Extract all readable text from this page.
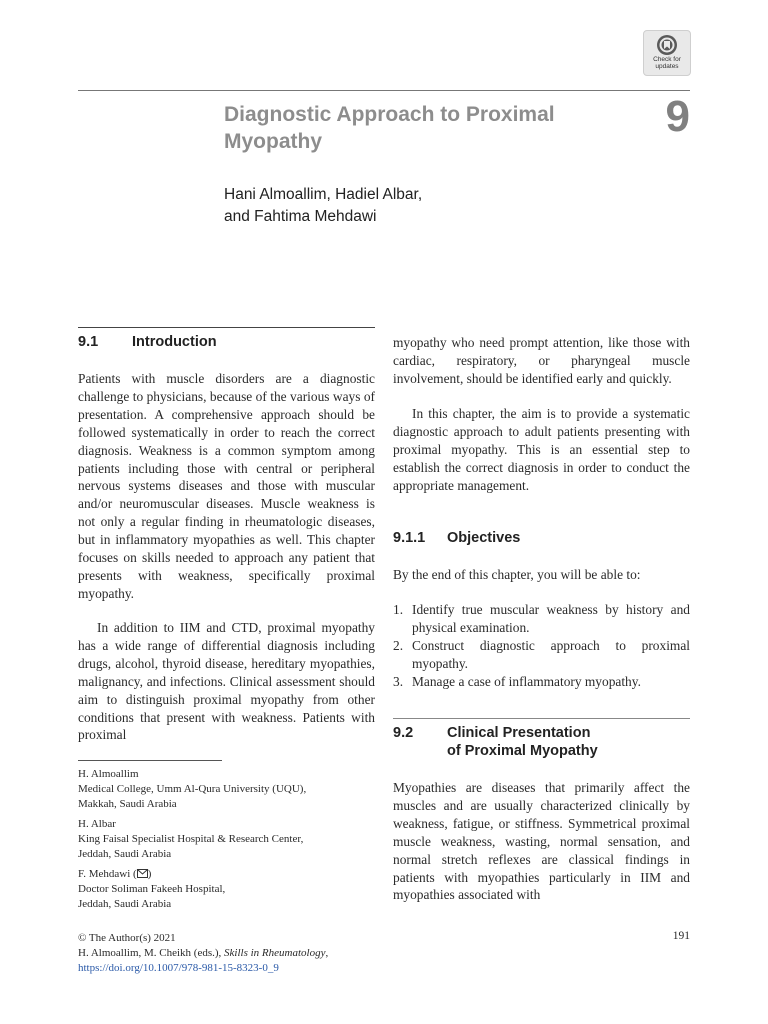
Check for updates
Diagnostic Approach to Proximal Myopathy
9
Hani Almoallim, Hadiel Albar,
and Fahtima Mehdawi
9.1 Introduction
Patients with muscle disorders are a diagnostic challenge to physicians, because of the various ways of presentation. A comprehensive approach should be followed systematically in order to reach the correct diagnosis. Weakness is a common symptom among patients including those with central or peripheral nervous systems diseases and those with muscular and/or neuromuscular diseases. Muscle weakness is not only a regular finding in rheumatologic diseases, but in inflammatory myopathies as well. This chapter focuses on skills needed to approach any patient that presents with weakness, specifically proximal myopathy.
In addition to IIM and CTD, proximal myopathy has a wide range of differential diagnosis including drugs, alcohol, thyroid disease, hereditary myopathies, malignancy, and infections. Clinical assessment should aim to distinguish proximal myopathy from other conditions that present with weakness. Patients with proximal
H. Almoallim
Medical College, Umm Al-Qura University (UQU),
Makkah, Saudi Arabia
H. Albar
King Faisal Specialist Hospital & Research Center,
Jeddah, Saudi Arabia
F. Mehdawi ( )
Doctor Soliman Fakeeh Hospital,
Jeddah, Saudi Arabia
myopathy who need prompt attention, like those with cardiac, respiratory, or pharyngeal muscle involvement, should be identified early and quickly.
In this chapter, the aim is to provide a systematic diagnostic approach to adult patients presenting with proximal myopathy. This is an essential step to establish the correct diagnosis in order to conduct the appropriate management.
9.1.1 Objectives
By the end of this chapter, you will be able to:
1. Identify true muscular weakness by history and physical examination.
2. Construct diagnostic approach to proximal myopathy.
3. Manage a case of inflammatory myopathy.
9.2 Clinical Presentation
of Proximal Myopathy
Myopathies are diseases that primarily affect the muscles and are usually characterized clinically by weakness, fatigue, or stiffness. Symmetrical proximal muscle weakness, wasting, normal sensation, and normal stretch reflexes are classical findings in patients with myopathies particularly in IIM and myopathies associated with
© The Author(s) 2021
H. Almoallim, M. Cheikh (eds.), Skills in Rheumatology,
https://doi.org/10.1007/978-981-15-8323-0_9
191
